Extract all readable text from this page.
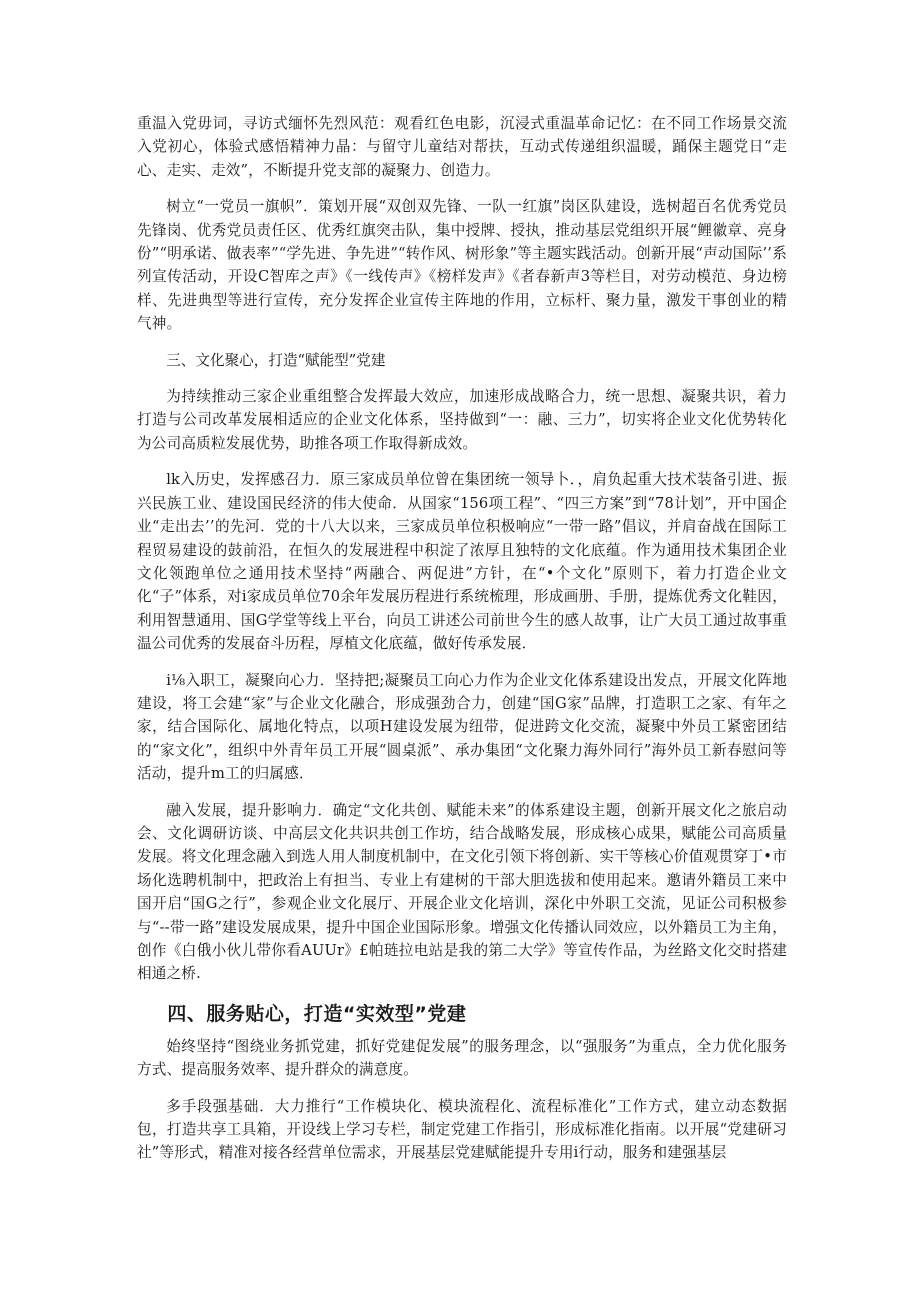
重温入党毋词，寻访式缅怀先烈风范：观看红色电影，沉浸式重温革命记忆：在不同工作场景交流入党初心，体验式感悟精神力晶：与留守儿童结对帮扶，互动式传递组织温暖，踊保主题党日“走心、走实、走效”，不断提升党支部的凝聚力、创造力。

树立“一党员一旗帜”．策划开展“双创双先锋、一队一红旗”岗区队建设，选树超百名优秀党员先锋岗、优秀党员责任区、优秀红旗突击队，集中授牌、授执，推动基层党组织开展“鲤徽章、亮身份”“明承诺、做表率”“学先进、争先进”“转作风、树形象”等主题实践活动。创新开展“声动国际’’系列宣传活动，开设C智库之声》《一线传声》《榜样发声》《者春新声3等栏目，对劳动模范、身边榜样、先进典型等进行宣传，充分发挥企业宣传主阵地的作用，立标杆、聚力量，激发干事创业的精气神。

三、文化聚心，打造“赋能型”党建

为持续推动三家企业重组整合发挥最大效应，加速形成战略合力，统一思想、凝聚共识，着力打造与公司改革发展相适应的企业文化体系，坚持做到“一：融、三力”，切实将企业文化优势转化为公司高质粒发展优势，助推各项工作取得新成效。

lk入历史，发挥感召力．原三家成员单位曾在集团统一领导卜．，肩负起重大技术装备引进、振兴民族工业、建设国民经济的伟大使命．从国家“156项工程”、“四三方案”到“78计划”，开中国企业“走出去’’的先河．党的十八大以来，三家成员单位积极响应“一带一路”倡议，并肩奋战在国际工程贸易建设的鼓前沿，在恒久的发展进程中积淀了浓厚且独特的文化底蕴。作为通用技术集团企业文化领跑单位之通用技术坚持“两融合、两促进”方针，在“•个文化”原则下，着力打造企业文化“子”体系，对i家成员单位70余年发展历程进行系统梳理，形成画册、手册，提炼优秀文化鞋因，利用智慧通用、国G学堂等线上平台，向员工讲述公司前世今生的感人故事，让广大员工通过故事重温公司优秀的发展奋斗历程，厚植文化底蕴，做好传承发展．

i⅛入职工，凝聚向心力．坚持把;凝聚员工向心力作为企业文化体系建设出发点，开展文化阵地建设，将工会建“家”与企业文化融合，形成强劲合力，创建“国G家”品牌，打造职工之家、有年之家，结合国际化、属地化特点，以项H建设发展为纽带，促进跨文化交流，凝聚中外员工紧密团结的“家文化”，组织中外青年员工开展“圆桌派”、承办集团“文化聚力海外同行”海外员工新春慰问等活动，提升m工的归属感．

融入发展，提升影响力．确定“文化共创、赋能未来”的体系建设主题，创新开展文化之旅启动会、文化调研访谈、中高层文化共识共创工作坊，结合战略发展，形成核心成果，赋能公司高质量发展。将文化理念融入到选人用人制度机制中，在文化引领下将创新、实干等核心价值观贯穿丁•市场化选聘机制中，把政治上有担当、专业上有建树的干部大胆选拔和使用起来。邀请外籍员工来中国开启“国G之行”，参观企业文化展厅、开展企业文化培训，深化中外职工交流，见证公司积极参与“--带一路”建设发展成果，提升中国企业国际形象。增强文化传播认同效应，以外籍员工为主角，创作《白俄小伙儿带你看AUUr》£帕琏拉电站是我的第二大学》等宣传作品，为丝路文化交时搭建相通之桥.

四、服务贴心，打造“实效型”党建

始终坚持“图绕业务抓党建，抓好党建促发展”的服务理念，以“强服务”为重点，全力优化服务方式、提高服务效率、提升群众的满意度。

多手段强基础．大力推行“工作模块化、模块流程化、流程标准化”工作方式，建立动态数据包，打造共享工具箱，开设线上学习专栏，制定党建工作指引，形成标准化指南。以开展“党建研习社”等形式，精准对接各经营单位需求，开展基层党建赋能提升专用i行动，服务和建强基层
